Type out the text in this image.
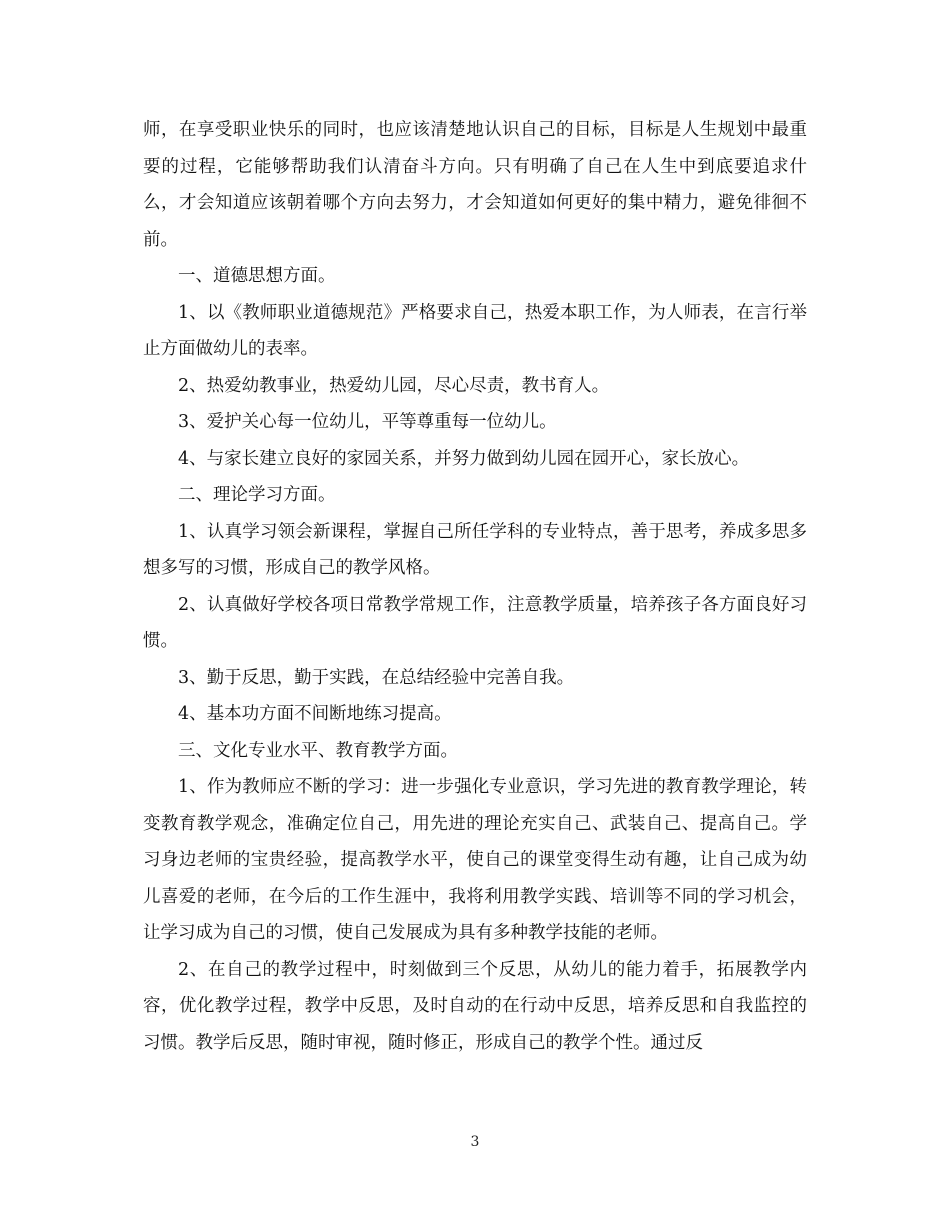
师，在享受职业快乐的同时，也应该清楚地认识自己的目标，目标是人生规划中最重要的过程，它能够帮助我们认清奋斗方向。只有明确了自己在人生中到底要追求什么，才会知道应该朝着哪个方向去努力，才会知道如何更好的集中精力，避免徘徊不前。

一、道德思想方面。

1、以《教师职业道德规范》严格要求自己，热爱本职工作，为人师表，在言行举止方面做幼儿的表率。

2、热爱幼教事业，热爱幼儿园，尽心尽责，教书育人。

3、爱护关心每一位幼儿，平等尊重每一位幼儿。

4、与家长建立良好的家园关系，并努力做到幼儿园在园开心，家长放心。

二、理论学习方面。

1、认真学习领会新课程，掌握自己所任学科的专业特点，善于思考，养成多思多想多写的习惯，形成自己的教学风格。

2、认真做好学校各项日常教学常规工作，注意教学质量，培养孩子各方面良好习惯。

3、勤于反思，勤于实践，在总结经验中完善自我。

4、基本功方面不间断地练习提高。

三、文化专业水平、教育教学方面。

1、作为教师应不断的学习：进一步强化专业意识，学习先进的教育教学理论，转变教育教学观念，准确定位自己，用先进的理论充实自己、武装自己、提高自己。学习身边老师的宝贵经验，提高教学水平，使自己的课堂变得生动有趣，让自己成为幼儿喜爱的老师，在今后的工作生涯中，我将利用教学实践、培训等不同的学习机会，让学习成为自己的习惯，使自己发展成为具有多种教学技能的老师。

2、在自己的教学过程中，时刻做到三个反思，从幼儿的能力着手，拓展教学内容，优化教学过程，教学中反思，及时自动的在行动中反思，培养反思和自我监控的习惯。教学后反思，随时审视，随时修正，形成自己的教学个性。通过反

3
